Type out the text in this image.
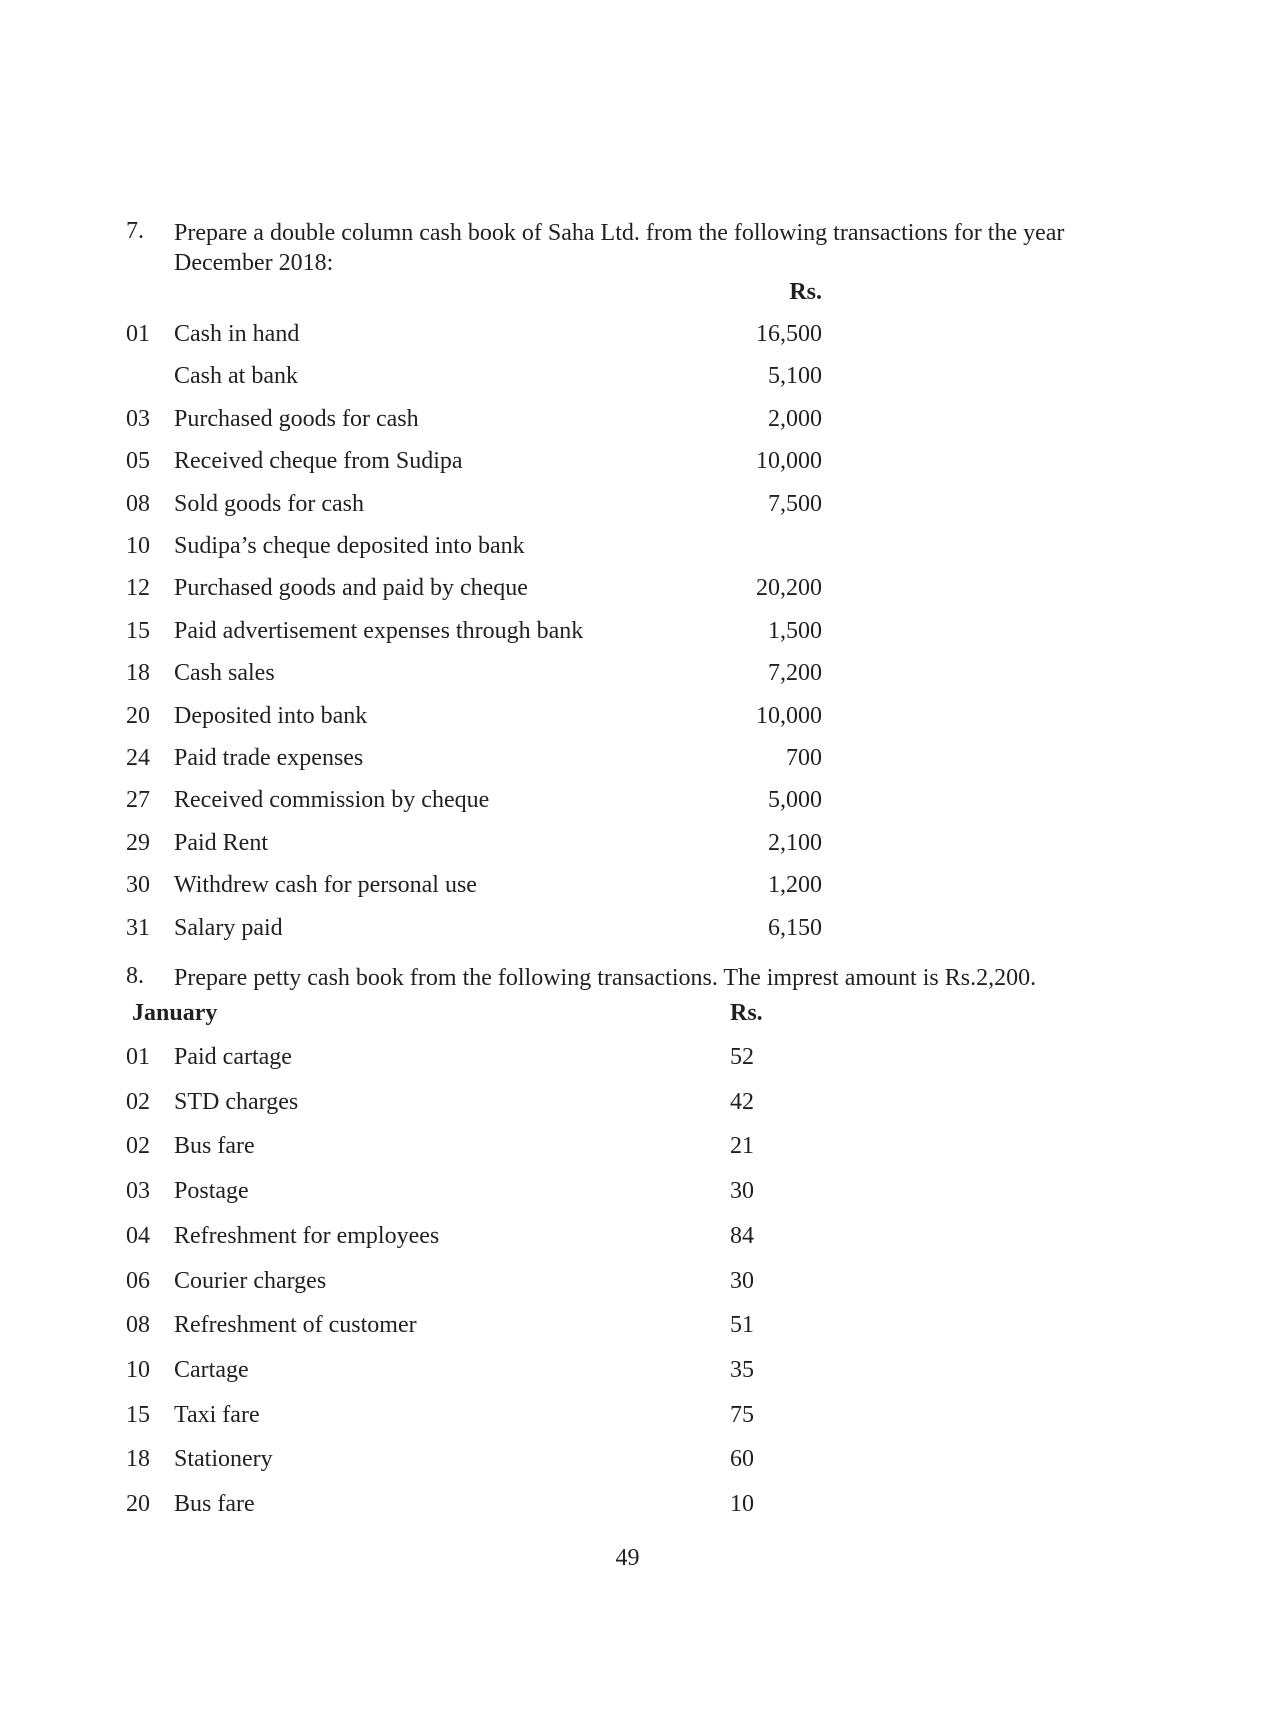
7. Prepare a double column cash book of Saha Ltd. from the following transactions for the year December 2018:
Rs.
01 Cash in hand	16,500
Cash at bank	5,100
03 Purchased goods for cash	2,000
05 Received cheque from Sudipa	10,000
08 Sold goods for cash	7,500
10 Sudipa’s cheque deposited into bank
12 Purchased goods and paid by cheque	20,200
15 Paid advertisement expenses through bank	1,500
18 Cash sales	7,200
20 Deposited into bank	10,000
24 Paid trade expenses	700
27 Received commission by cheque	5,000
29 Paid Rent	2,100
30 Withdrew cash for personal use	1,200
31 Salary paid	6,150
8. Prepare petty cash book from the following transactions. The imprest amount is Rs.2,200.
January	Rs.
01 Paid cartage	52
02 STD charges	42
02 Bus fare	21
03 Postage	30
04 Refreshment for employees	84
06 Courier charges	30
08 Refreshment of customer	51
10 Cartage	35
15 Taxi fare	75
18 Stationery	60
20 Bus fare	10
49
